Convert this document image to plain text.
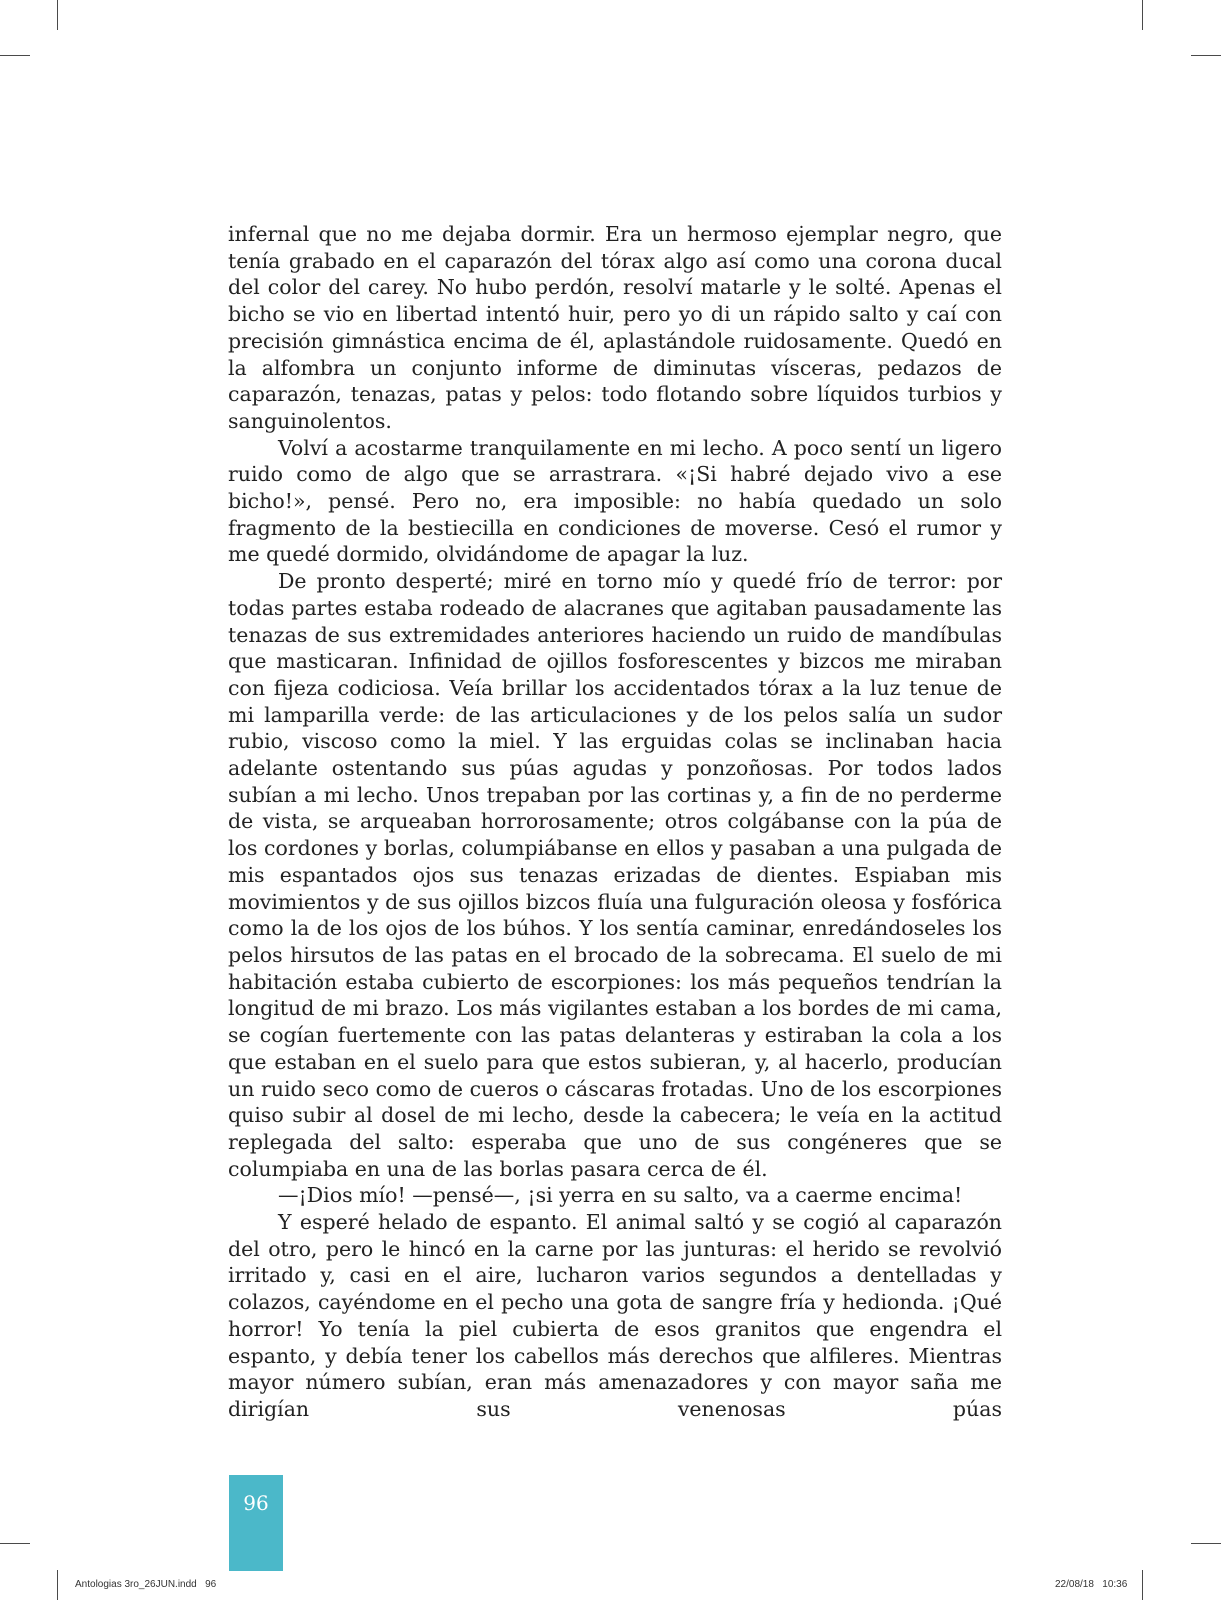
infernal que no me dejaba dormir. Era un hermoso ejemplar negro, que tenía grabado en el caparazón del tórax algo así como una corona ducal del color del carey. No hubo perdón, resolví matarle y le solté. Apenas el bicho se vio en libertad intentó huir, pero yo di un rápido salto y caí con precisión gimnástica encima de él, aplastándole ruidosamente. Quedó en la alfombra un conjunto informe de diminutas vísceras, pedazos de caparazón, tenazas, patas y pelos: todo flotando sobre líquidos turbios y sanguinolentos.

Volví a acostarme tranquilamente en mi lecho. A poco sentí un ligero ruido como de algo que se arrastrara. «¡Si habré dejado vivo a ese bicho!», pensé. Pero no, era imposible: no había quedado un solo fragmento de la bestiecilla en condiciones de moverse. Cesó el rumor y me quedé dormido, olvidándome de apagar la luz.

De pronto desperté; miré en torno mío y quedé frío de terror: por todas partes estaba rodeado de alacranes que agitaban pausadamente las tenazas de sus extremidades anteriores haciendo un ruido de mandíbulas que masticaran. Infinidad de ojillos fosforescentes y bizcos me miraban con fijeza codiciosa. Veía brillar los accidentados tórax a la luz tenue de mi lamparilla verde: de las articulaciones y de los pelos salía un sudor rubio, viscoso como la miel. Y las erguidas colas se inclinaban hacia adelante ostentando sus púas agudas y ponzoñosas. Por todos lados subían a mi lecho. Unos trepaban por las cortinas y, a fin de no perderme de vista, se arqueaban horrorosamente; otros colgábanse con la púa de los cordones y borlas, columpiábanse en ellos y pasaban a una pulgada de mis espantados ojos sus tenazas erizadas de dientes. Espiaban mis movimientos y de sus ojillos bizcos fluía una fulguración oleosa y fosfórica como la de los ojos de los búhos. Y los sentía caminar, enredándoseles los pelos hirsutos de las patas en el brocado de la sobrecama. El suelo de mi habitación estaba cubierto de escorpiones: los más pequeños tendrían la longitud de mi brazo. Los más vigilantes estaban a los bordes de mi cama, se cogían fuertemente con las patas delanteras y estiraban la cola a los que estaban en el suelo para que estos subieran, y, al hacerlo, producían un ruido seco como de cueros o cáscaras frotadas. Uno de los escorpiones quiso subir al dosel de mi lecho, desde la cabecera; le veía en la actitud replegada del salto: esperaba que uno de sus congéneres que se columpiaba en una de las borlas pasara cerca de él.

—¡Dios mío! —pensé—, ¡si yerra en su salto, va a caerme encima!

Y esperé helado de espanto. El animal saltó y se cogió al caparazón del otro, pero le hincó en la carne por las junturas: el herido se revolvió irritado y, casi en el aire, lucharon varios segundos a dentelladas y colazos, cayéndome en el pecho una gota de sangre fría y hedionda. ¡Qué horror! Yo tenía la piel cubierta de esos granitos que engendra el espanto, y debía tener los cabellos más derechos que alfileres. Mientras mayor número subían, eran más amenazadores y con mayor saña me dirigían sus venenosas púas

96
Antologias 3ro_26JUN.indd   96	22/08/18   10:36
